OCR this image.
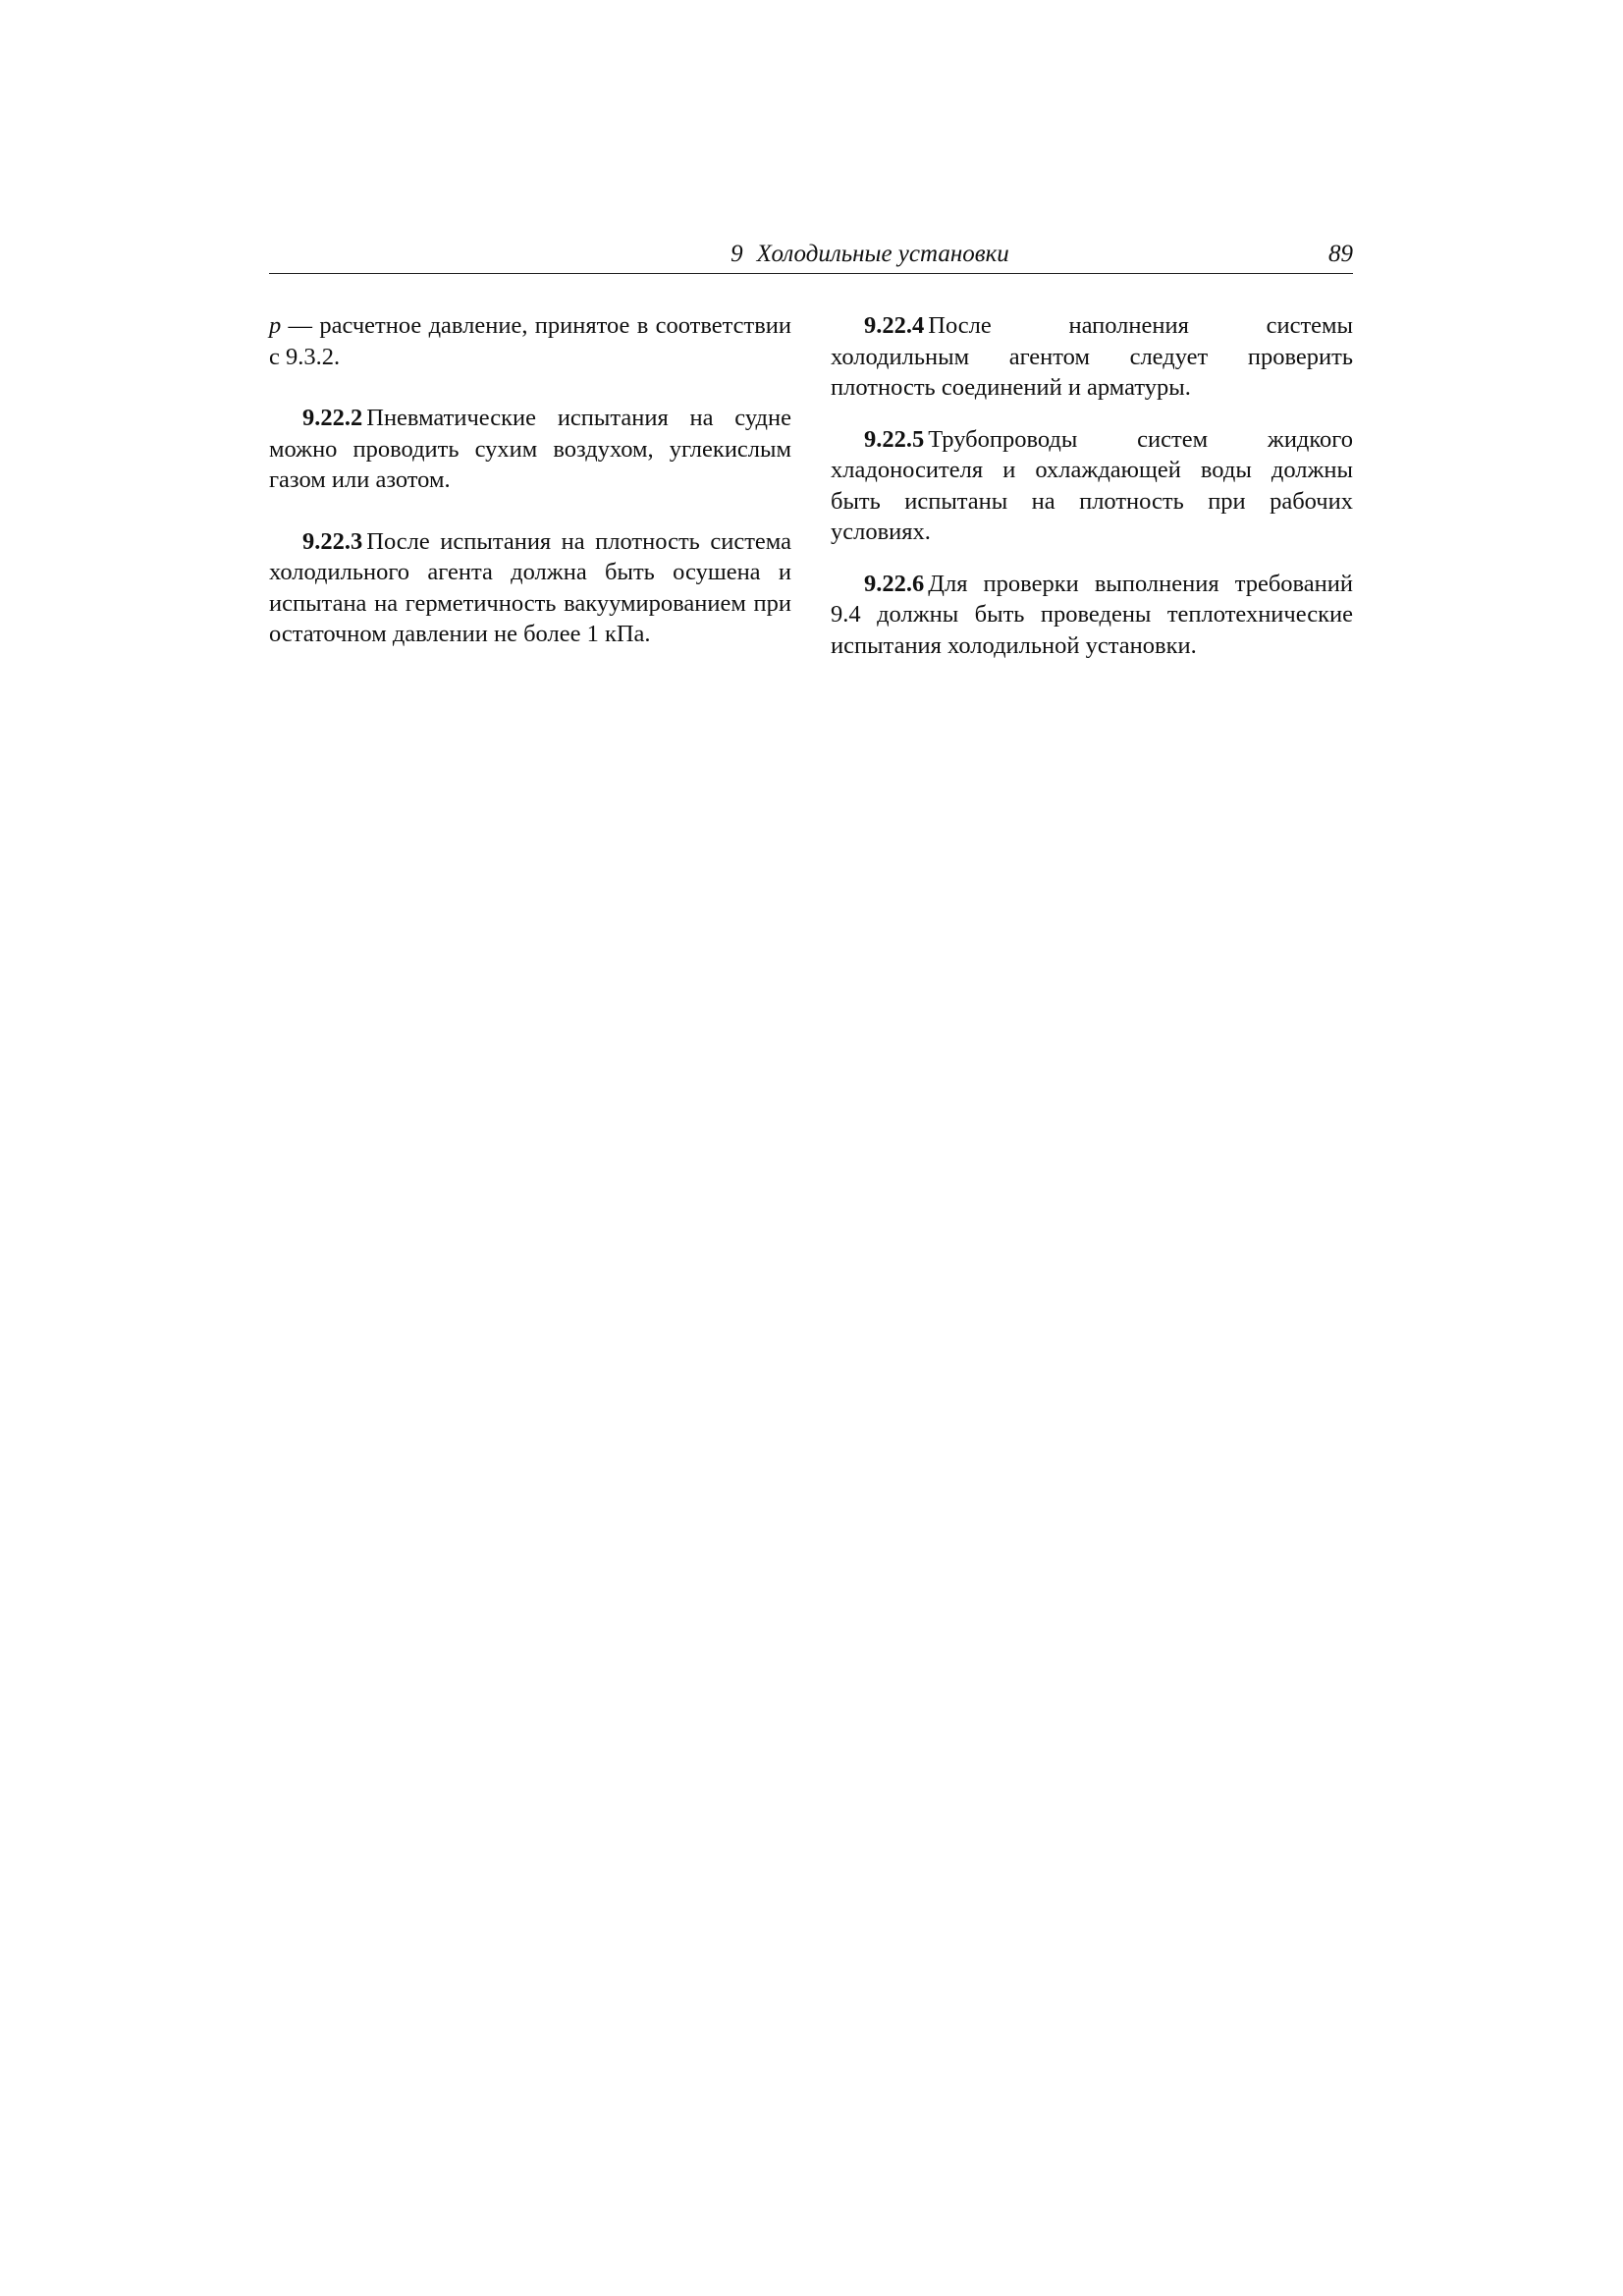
9 Холодильные установки	89

p — расчетное давление, принятое в соответствии с 9.3.2.

9.22.2 Пневматические испытания на судне можно проводить сухим воздухом, углекислым газом или азотом.

9.22.3 После испытания на плотность система холодильного агента должна быть осушена и испытана на герметичность вакуумированием при остаточном давлении не более 1 кПа.

9.22.4 После наполнения системы холодильным агентом следует проверить плотность соединений и арматуры.

9.22.5 Трубопроводы систем жидкого хладоносителя и охлаждающей воды должны быть испытаны на плотность при рабочих условиях.

9.22.6 Для проверки выполнения требований 9.4 должны быть проведены теплотехнические испытания холодильной установки.
